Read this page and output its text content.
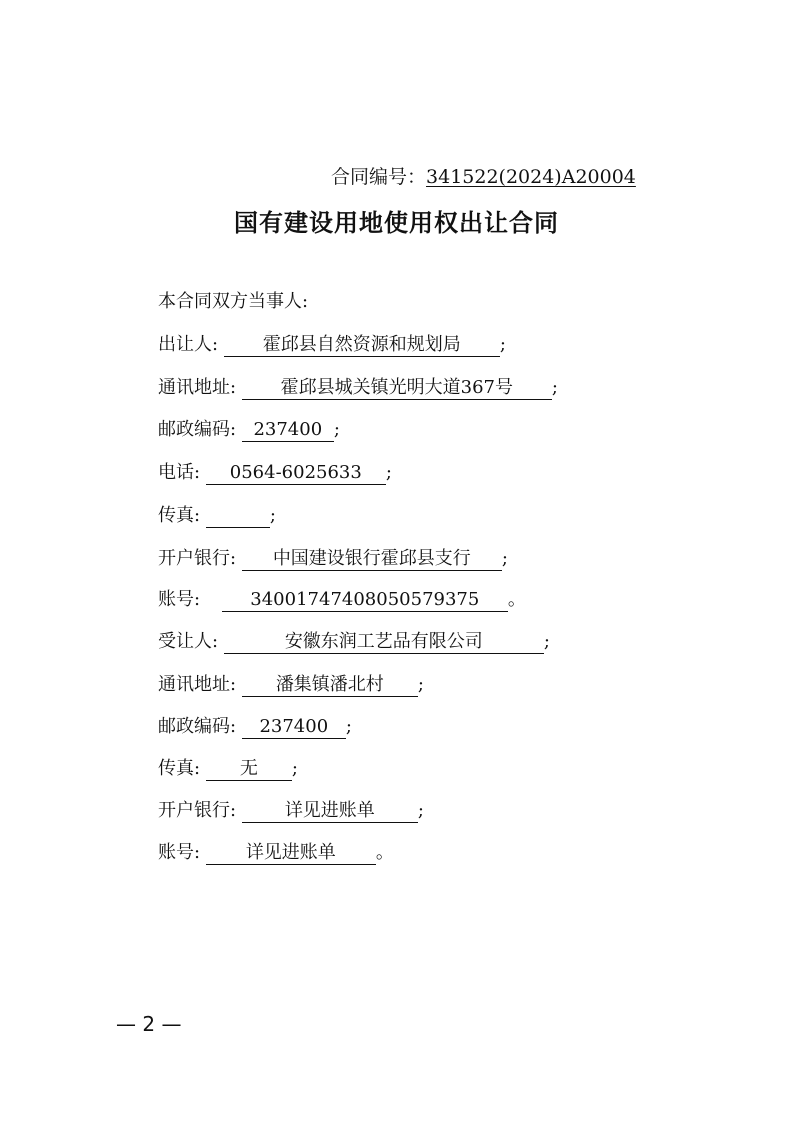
合同编号：341522(2024)A20004
国有建设用地使用权出让合同
本合同双方当事人:
出让人: 霍邱县自然资源和规划局 ;
通讯地址: 霍邱县城关镇光明大道367号 ;
邮政编码: 237400 ;
电话: 0564-6025633 ;
传真:	;
开户银行: 中国建设银行霍邱县支行 ;
账号:	34001747408050579375 。
受让人:	安徽东润工艺品有限公司	;
通讯地址: 潘集镇潘北村 ;
邮政编码: 237400 ;
传真: 无 ;
开户银行:	详见进账单 ;
账号:	详见进账单 。
— 2 —
